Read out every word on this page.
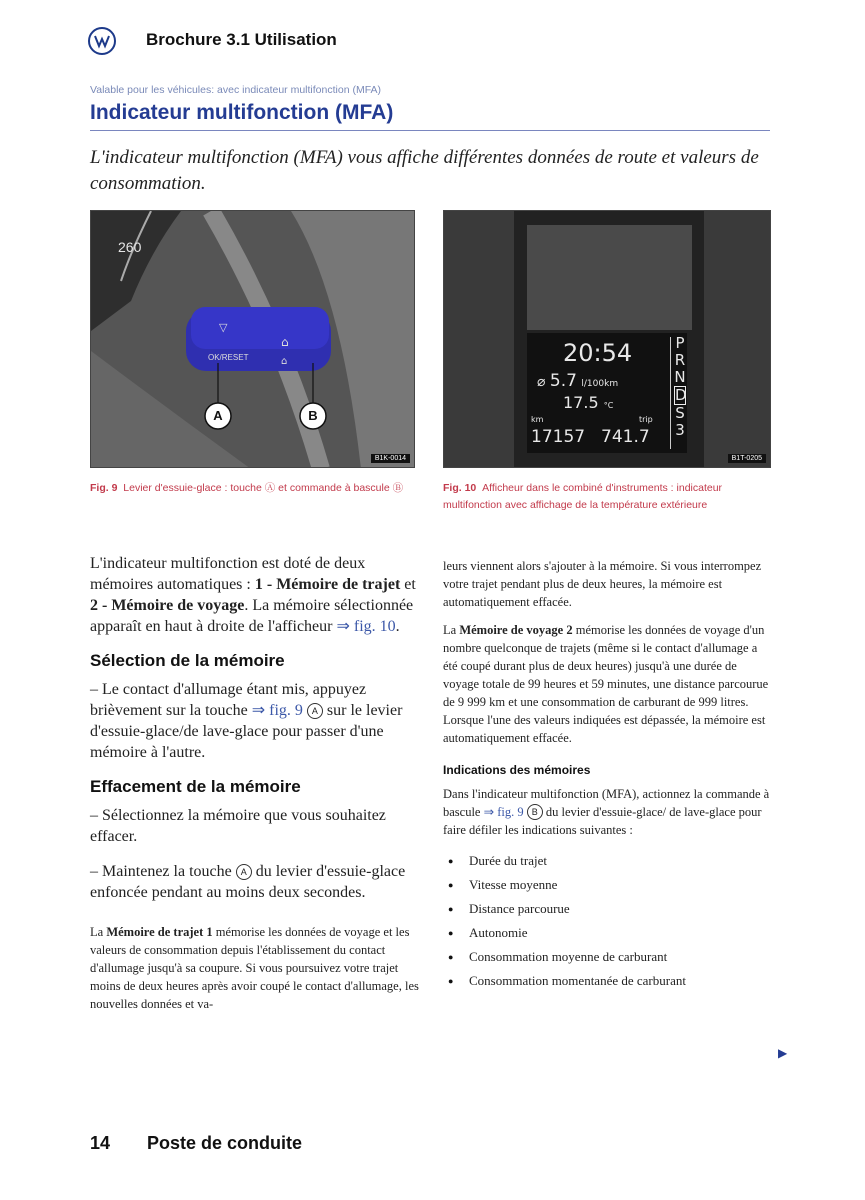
Brochure 3.1 Utilisation
Valable pour les véhicules: avec indicateur multifonction (MFA)
Indicateur multifonction (MFA)
L'indicateur multifonction (MFA) vous affiche différentes données de route et valeurs de consommation.
▽
⌂
⌂
260
OK/RESET
A	B
B1K-0014
Fig. 9 Levier d'essuie-glace : touche Ⓐ et commande à bascule Ⓑ
20:54
⌀ 5.7 l/100km
17.5 °C
km	trip
17157 741.7
P
R
N
D
S
3
B1T-0205
Fig. 10 Afficheur dans le combiné d'instruments : indicateur multifonction avec affichage de la température extérieure

L'indicateur multifonction est doté de deux mémoires automatiques : 1 - Mémoire de trajet et 2 - Mémoire de voyage. La mémoire sélectionnée apparaît en haut à droite de l'afficheur ⇒ fig. 10.

Sélection de la mémoire

– Le contact d'allumage étant mis, appuyez brièvement sur la touche ⇒ fig. 9 A sur le levier d'essuie-glace/de lave-glace pour passer d'une mémoire à l'autre.

Effacement de la mémoire

– Sélectionnez la mémoire que vous souhaitez effacer.

– Maintenez la touche A du levier d'essuie-glace enfoncée pendant au moins deux secondes.

La Mémoire de trajet 1 mémorise les données de voyage et les valeurs de consommation depuis l'établissement du contact d'allumage jusqu'à sa coupure. Si vous poursuivez votre trajet moins de deux heures après avoir coupé le contact d'allumage, les nouvelles données et va-

leurs viennent alors s'ajouter à la mémoire. Si vous interrompez votre trajet pendant plus de deux heures, la mémoire est automatiquement effacée.

La Mémoire de voyage 2 mémorise les données de voyage d'un nombre quelconque de trajets (même si le contact d'allumage a été coupé durant plus de deux heures) jusqu'à une durée de voyage totale de 99 heures et 59 minutes, une distance parcourue de 9 999 km et une consommation de carburant de 999 litres. Lorsque l'une des valeurs indiquées est dépassée, la mémoire est automatiquement effacée.

Indications des mémoires

Dans l'indicateur multifonction (MFA), actionnez la commande à bascule ⇒ fig. 9 B du levier d'essuie-glace/ de lave-glace pour faire défiler les indications suivantes :

● Durée du trajet
● Vitesse moyenne
● Distance parcourue
● Autonomie
● Consommation moyenne de carburant
● Consommation momentanée de carburant
▶
14 Poste de conduite
